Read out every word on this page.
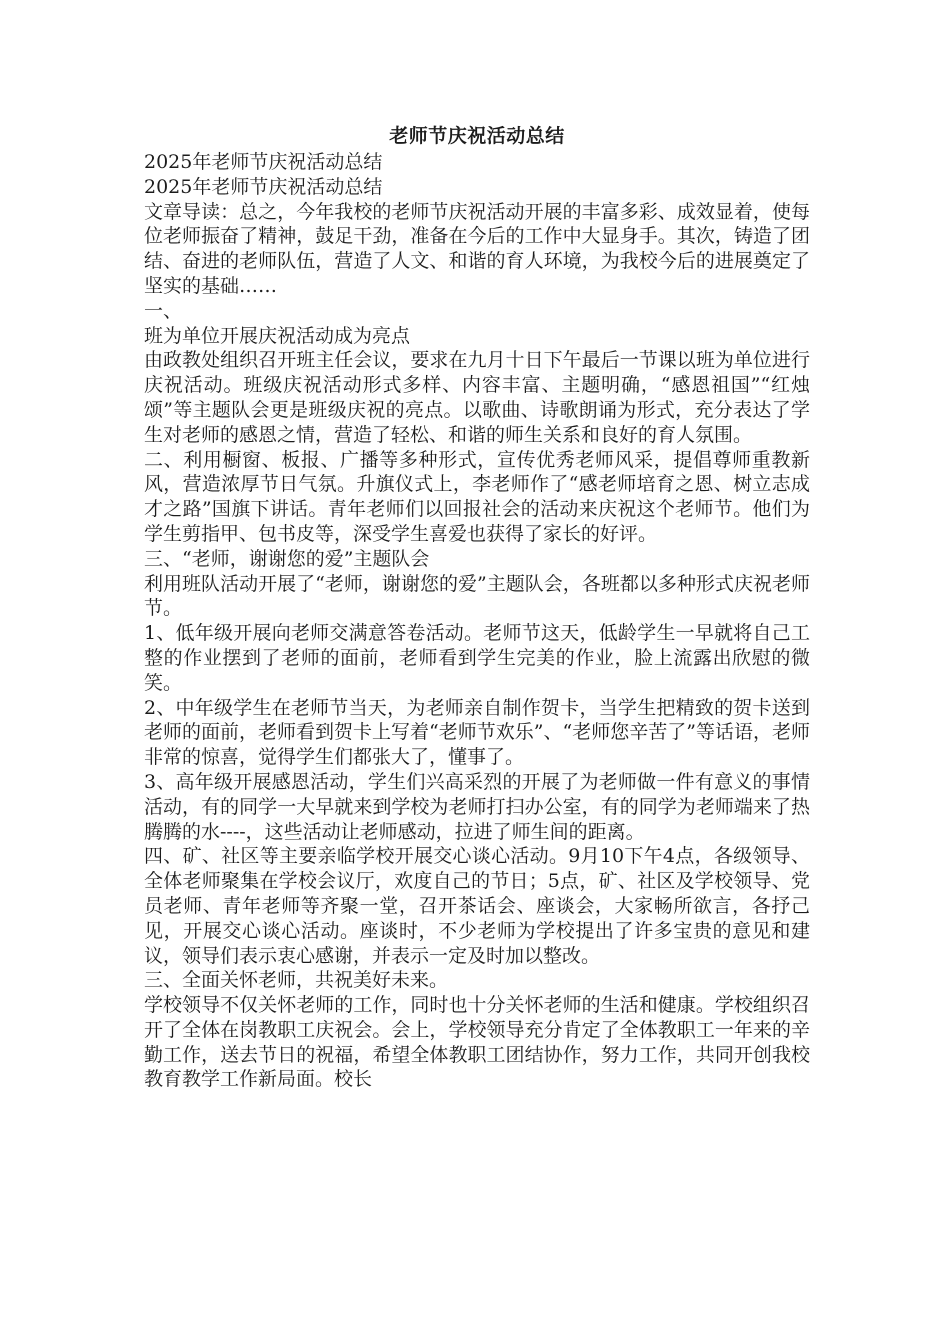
老师节庆祝活动总结

2025年老师节庆祝活动总结

2025年老师节庆祝活动总结

文章导读：总之，今年我校的老师节庆祝活动开展的丰富多彩、成效显着，使每位老师振奋了精神，鼓足干劲，准备在今后的工作中大显身手。其次，铸造了团结、奋进的老师队伍，营造了人文、和谐的育人环境，为我校今后的进展奠定了坚实的基础……

一、

班为单位开展庆祝活动成为亮点

由政教处组织召开班主任会议，要求在九月十日下午最后一节课以班为单位进行庆祝活动。班级庆祝活动形式多样、内容丰富、主题明确，“感恩祖国”“红烛颂”等主题队会更是班级庆祝的亮点。以歌曲、诗歌朗诵为形式，充分表达了学生对老师的感恩之情，营造了轻松、和谐的师生关系和良好的育人氛围。

二、利用橱窗、板报、广播等多种形式，宣传优秀老师风采，提倡尊师重教新风，营造浓厚节日气氛。升旗仪式上，李老师作了“感老师培育之恩、树立志成才之路”国旗下讲话。青年老师们以回报社会的活动来庆祝这个老师节。他们为学生剪指甲、包书皮等，深受学生喜爱也获得了家长的好评。

三、“老师，谢谢您的爱”主题队会

利用班队活动开展了“老师，谢谢您的爱”主题队会，各班都以多种形式庆祝老师节。

1、低年级开展向老师交满意答卷活动。老师节这天，低龄学生一早就将自己工整的作业摆到了老师的面前，老师看到学生完美的作业，脸上流露出欣慰的微笑。

2、中年级学生在老师节当天，为老师亲自制作贺卡，当学生把精致的贺卡送到老师的面前，老师看到贺卡上写着“老师节欢乐”、“老师您辛苦了”等话语，老师非常的惊喜，觉得学生们都张大了，懂事了。

3、高年级开展感恩活动，学生们兴高采烈的开展了为老师做一件有意义的事情活动，有的同学一大早就来到学校为老师打扫办公室，有的同学为老师端来了热腾腾的水----，这些活动让老师感动，拉进了师生间的距离。

四、矿、社区等主要亲临学校开展交心谈心活动。9月10下午4点，各级领导、全体老师聚集在学校会议厅，欢度自己的节日；5点，矿、社区及学校领导、党员老师、青年老师等齐聚一堂，召开茶话会、座谈会，大家畅所欲言，各抒己见，开展交心谈心活动。座谈时，不少老师为学校提出了许多宝贵的意见和建议，领导们表示衷心感谢，并表示一定及时加以整改。

三、全面关怀老师，共祝美好未来。

学校领导不仅关怀老师的工作，同时也十分关怀老师的生活和健康。学校组织召开了全体在岗教职工庆祝会。会上，学校领导充分肯定了全体教职工一年来的辛勤工作，送去节日的祝福，希望全体教职工团结协作，努力工作，共同开创我校教育教学工作新局面。校长
